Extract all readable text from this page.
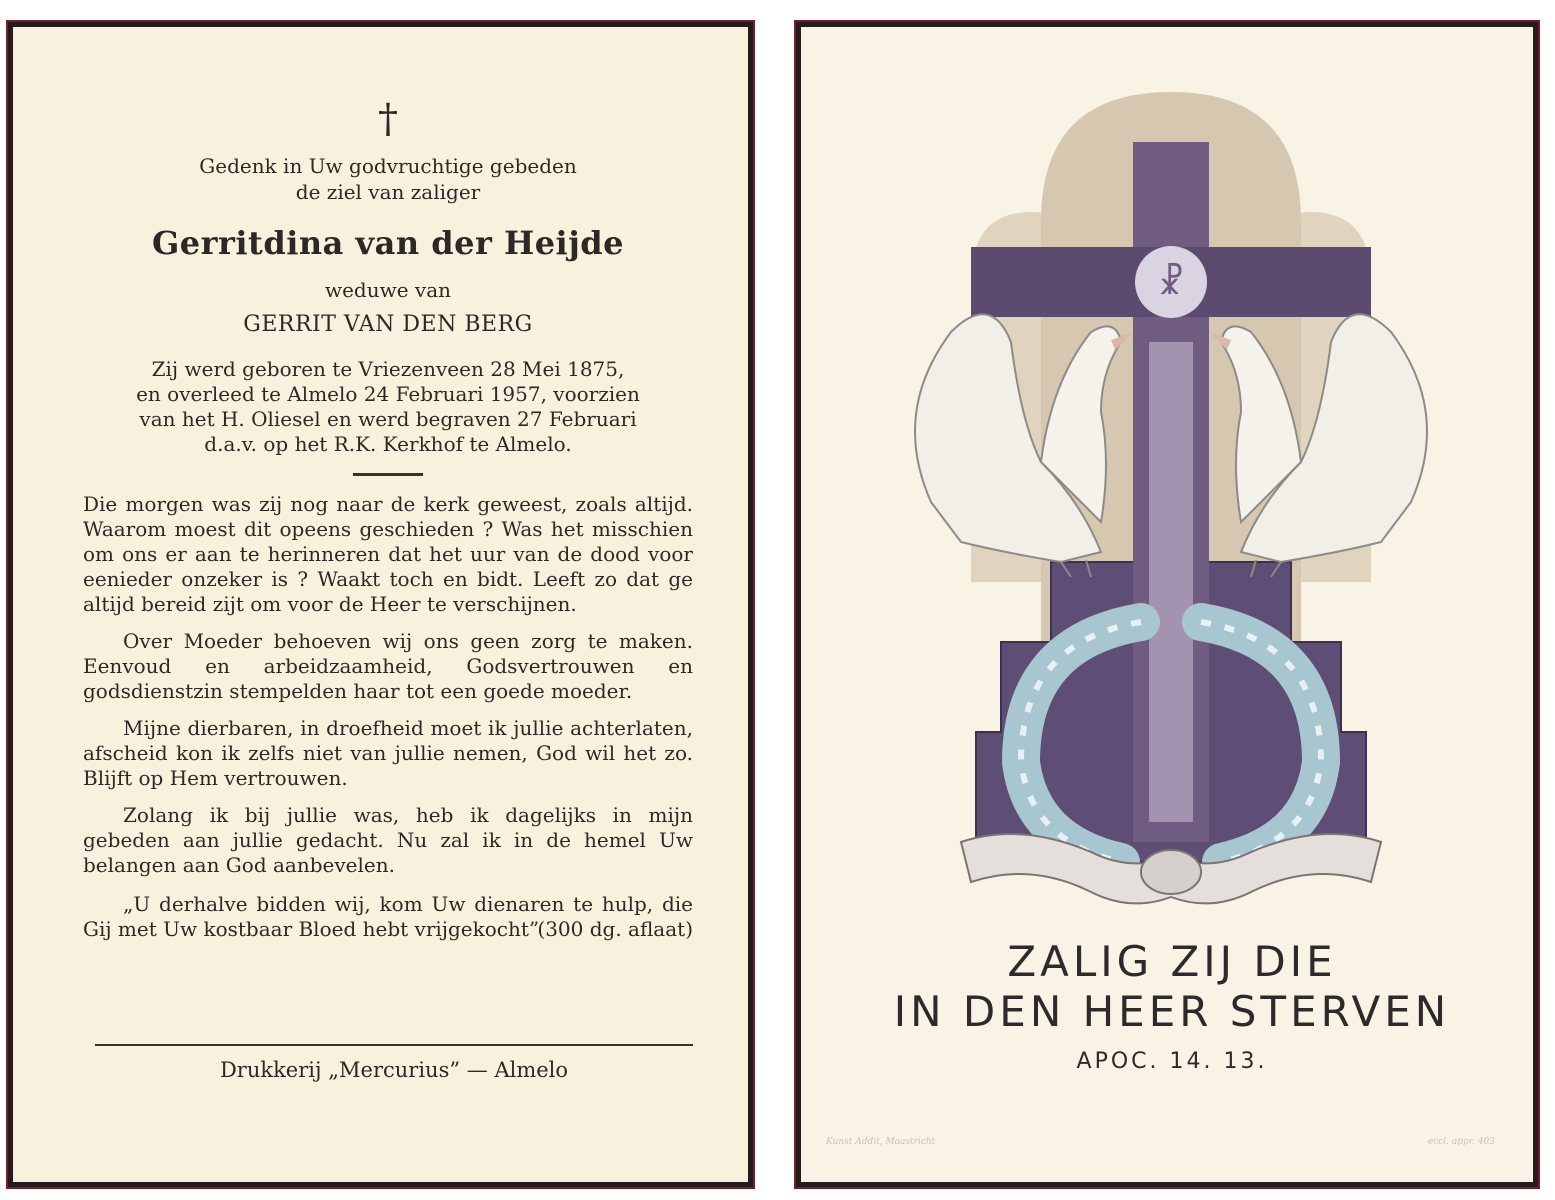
†
Gedenk in Uw godvruchtige gebeden
de ziel van zaliger
Gerritdina van der Heijde
weduwe van
GERRIT VAN DEN BERG
Zij werd geboren te Vriezenveen 28 Mei 1875,
en overleed te Almelo 24 Februari 1957, voorzien
van het H. Oliesel en werd begraven 27 Februari
d.a.v. op het R.K. Kerkhof te Almelo.

Die morgen was zij nog naar de kerk geweest, zoals altijd. Waarom moest dit opeens geschieden ? Was het misschien om ons er aan te herinneren dat het uur van de dood voor eenieder onzeker is ? Waakt toch en bidt. Leeft zo dat ge altijd bereid zijt om voor de Heer te verschijnen.

Over Moeder behoeven wij ons geen zorg te maken. Eenvoud en arbeidzaamheid, Godsvertrouwen en godsdienstzin stempelden haar tot een goede moeder.

Mijne dierbaren, in droefheid moet ik jullie achterlaten, afscheid kon ik zelfs niet van jullie nemen, God wil het zo. Blijft op Hem vertrouwen.

Zolang ik bij jullie was, heb ik dagelijks in mijn gebeden aan jullie gedacht. Nu zal ik in de hemel Uw belangen aan God aanbevelen.

„U derhalve bidden wij, kom Uw dienaren te hulp, die Gij met Uw kostbaar Bloed hebt vrijgekocht”
(300 dg. aflaat)
Drukkerij „Mercurius” — Almelo
☧
ZALIG ZIJ DIE
IN DEN HEER STERVEN
APOC. 14. 13.
Kunst Addit, Maastricht	eccl. appr. 403
